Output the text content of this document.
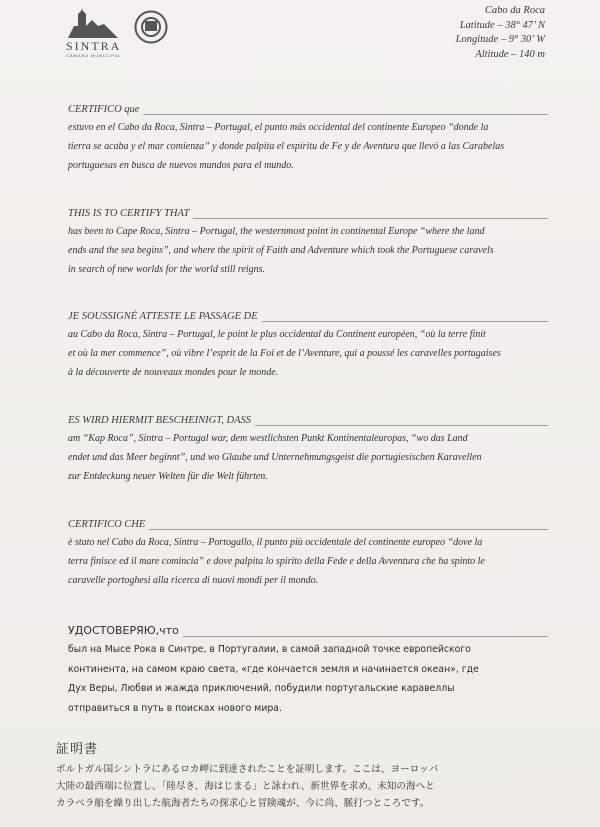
SINTRA
CÂMARA MUNICIPAL
Cabo da Roca
Latitude – 38° 47’ N
Longitude – 9° 30’ W
Altitude – 140 m
CERTIFICO que
estuvo en el Cabo da Roca, Sintra – Portugal, el punto más occidental del continente Europeo “donde la
tierra se acaba y el mar comienza” y donde palpita el espíritu de Fe y de Aventura que llevó a las Carabelas
portuguesas en busca de nuevos mundos para el mundo.
THIS IS TO CERTIFY THAT
has been to Cape Roca, Sintra – Portugal, the westernmost point in continental Europe “where the land
ends and the sea begins”, and where the spirit of Faith and Adventure which took the Portuguese caravels
in search of new worlds for the world still reigns.
JE SOUSSIGNÉ ATTESTE LE PASSAGE DE
au Cabo da Roca, Sintra – Portugal, le point le plus occidental du Continent européen, “où la terre finit
et où la mer commence”, où vibre l’esprit de la Foi et de l’Aventure, qui a poussé les caravelles portugaises
à la découverte de nouveaux mondes pour le monde.
ES WIRD HIERMIT BESCHEINIGT, DASS
am “Kap Roca”, Sintra – Portugal war, dem westlichsten Punkt Kontinentaleuropas, “wo das Land
endet und das Meer beginnt”, und wo Glaube und Unternehmungsgeist die portugiesischen Karavellen
zur Entdeckung neuer Welten für die Welt führten.
CERTIFICO CHE
è stato nel Cabo da Roca, Sintra – Portogallo, il punto più occidentale del continente europeo “dove la
terra finisce ed il mare comincia” e dove palpita lo spirito della Fede e della Avventura che ha spinto le
caravelle portoghesi alla ricerca di nuovi mondi per il mondo.
УДОСТОВЕРЯЮ,что
был на Мысе Рока в Синтре, в Португалии, в самой западной точке европейского
континента, на самом краю света, «где кончается земля и начинается океан», где
Дух Веры, Любви и жажда приключений, побудили португальские каравеллы
отправиться в путь в поисках нового мира.
証明書
ポルトガル国シントラにあるロカ岬に到達されたことを証明します。ここは、ヨーロッパ
大陸の最西端に位置し、「陸尽き、海はじまる」と詠われ、新世界を求め、未知の海へと
カラベラ船を繰り出した航海者たちの探求心と冒険魂が、今に尚、脈打つところです。
